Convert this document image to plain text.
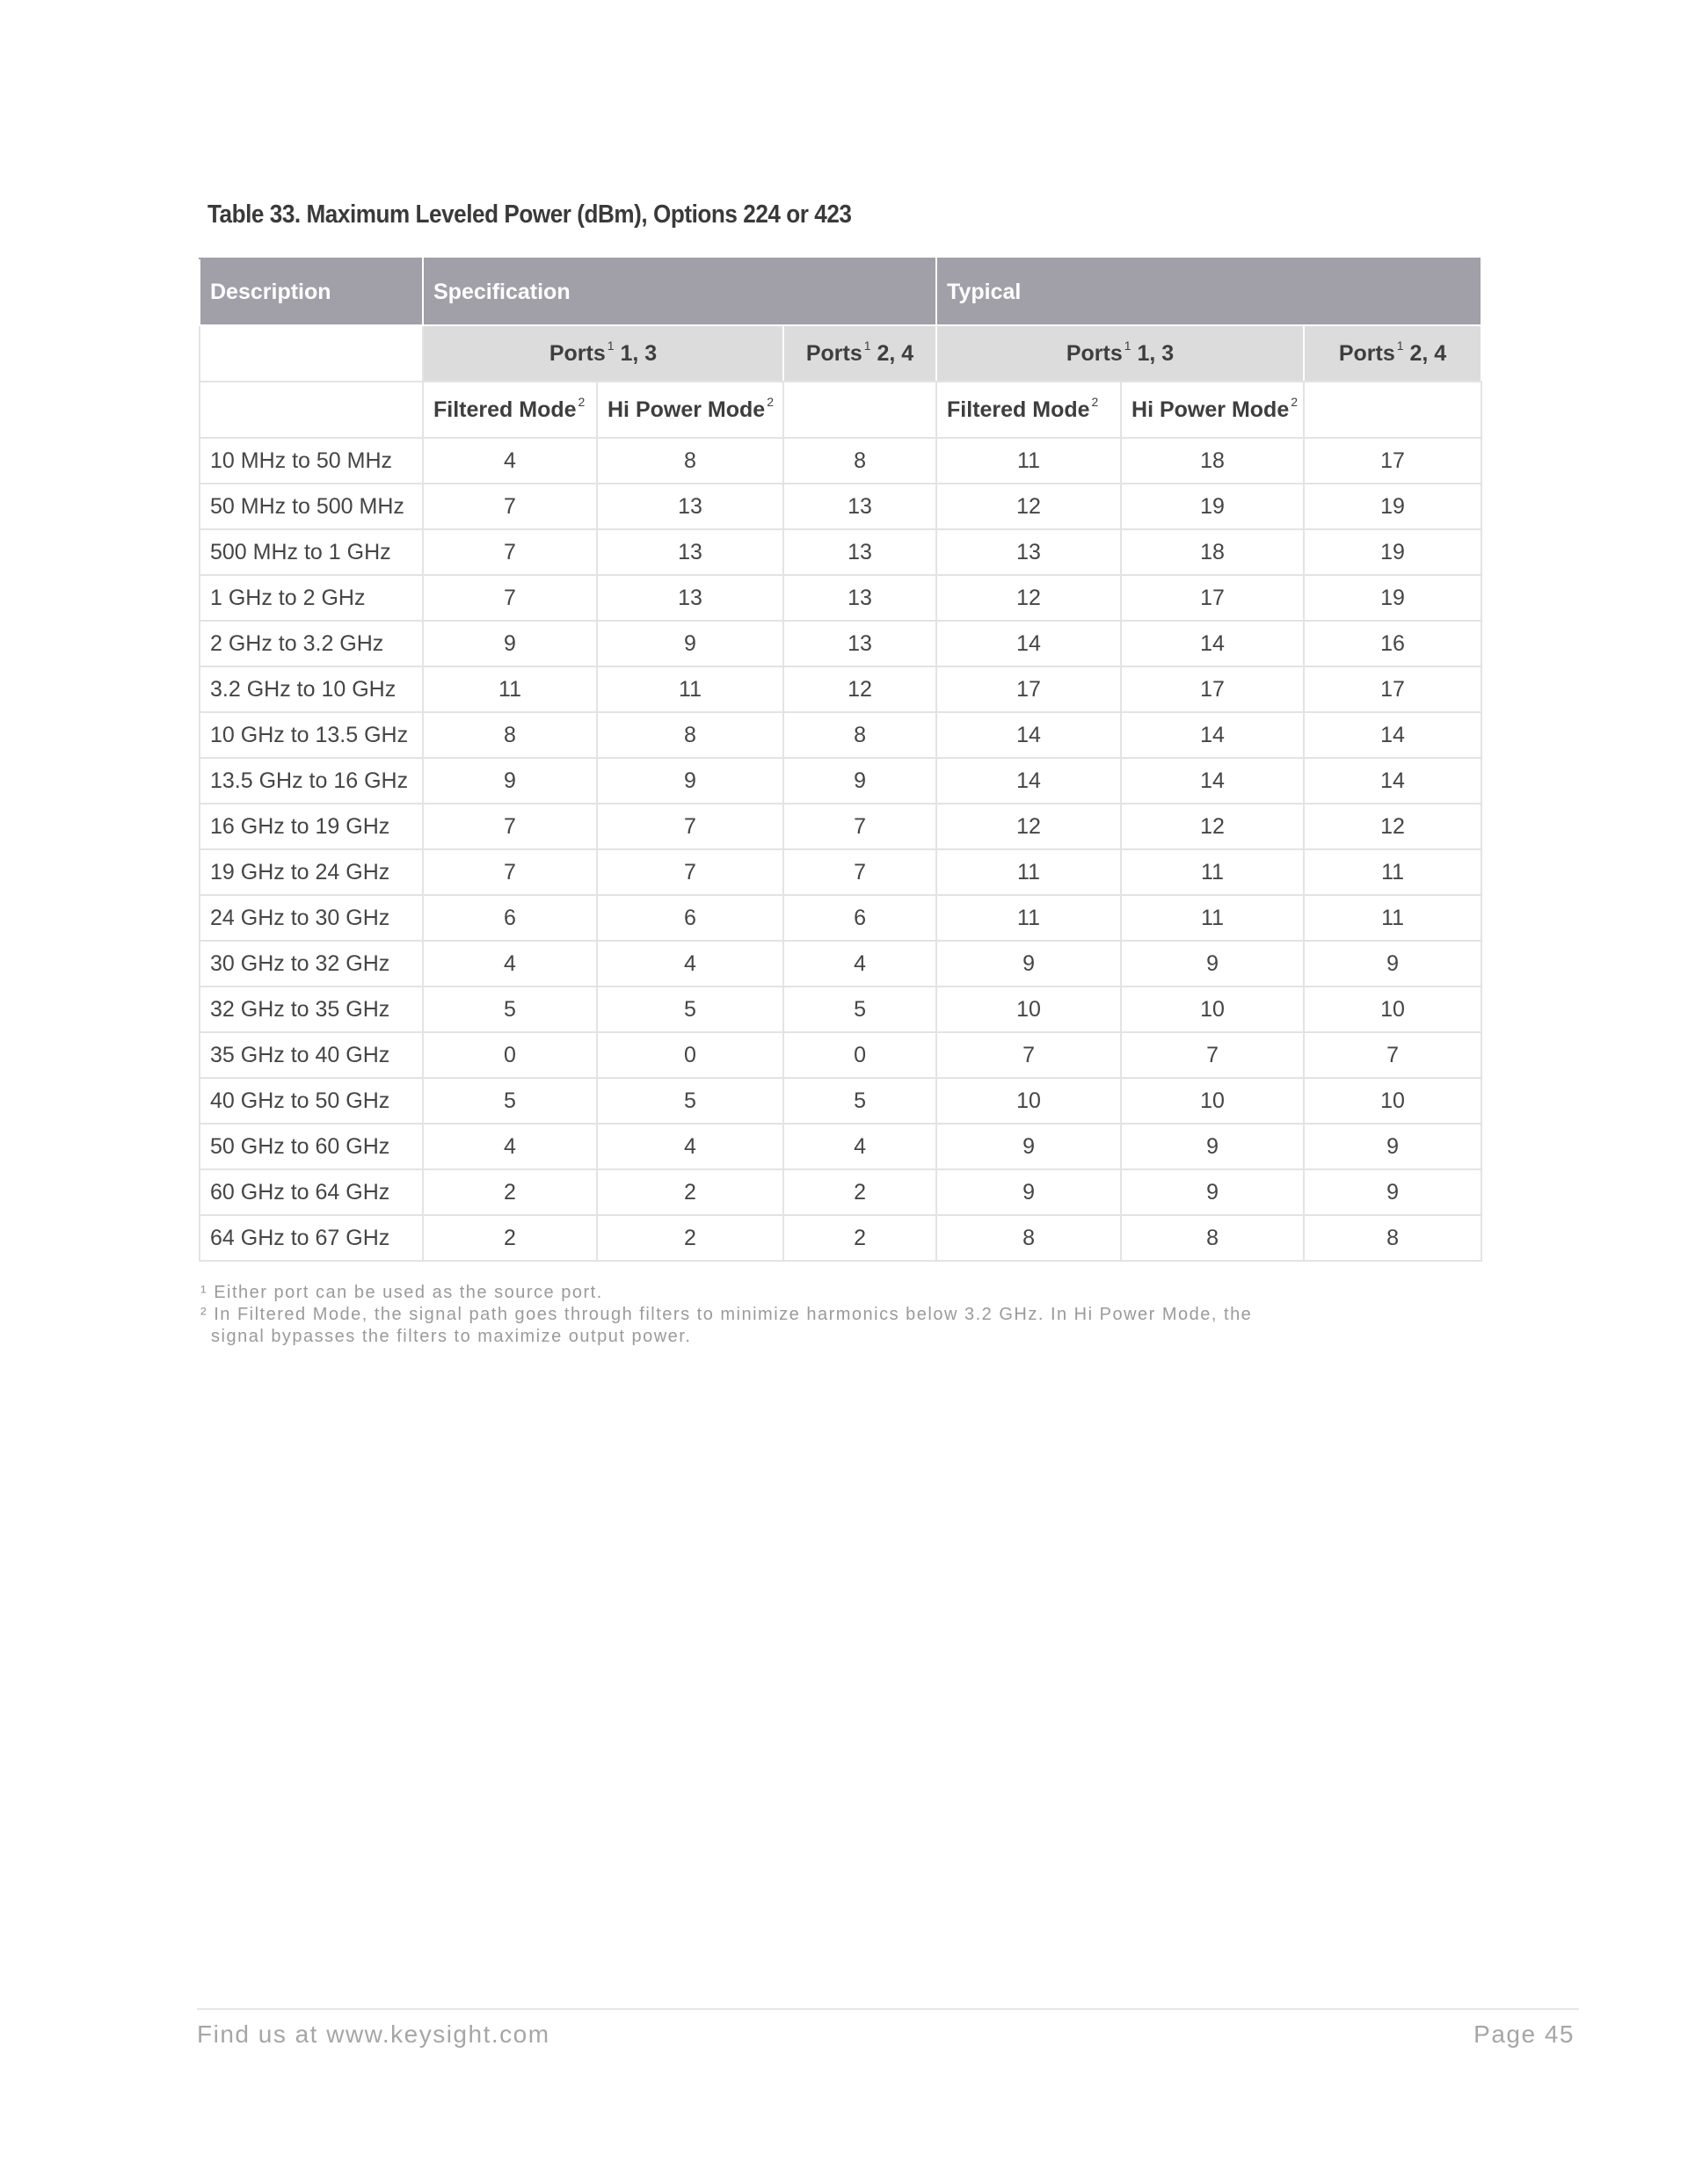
Table 33. Maximum Leveled Power (dBm), Options 224 or 423
Description	Specification			Typical		
	Ports $^1$ 1, 3		Ports $^1$ 2, 4	Ports $^1$ 1, 3		Ports $^1$ 2, 4
	Filtered Mode $^2$	Hi Power Mode $^2$		Filtered Mode $^2$	Hi Power Mode $^2$	
10 MHz to 50 MHz	4	8	8	11	18	17
50 MHz to 500 MHz	7	13	13	12	19	19
500 MHz to 1 GHz	7	13	13	13	18	19
1 GHz to 2 GHz	7	13	13	12	17	19
2 GHz to 3.2 GHz	9	9	13	14	14	16
3.2 GHz to 10 GHz	11	11	12	17	17	17
10 GHz to 13.5 GHz	8	8	8	14	14	14
13.5 GHz to 16 GHz	9	9	9	14	14	14
16 GHz to 19 GHz	7	7	7	12	12	12
19 GHz to 24 GHz	7	7	7	11	11	11
24 GHz to 30 GHz	6	6	6	11	11	11
30 GHz to 32 GHz	4	4	4	9	9	9
32 GHz to 35 GHz	5	5	5	10	10	10
35 GHz to 40 GHz	0	0	0	7	7	7
40 GHz to 50 GHz	5	5	5	10	10	10
50 GHz to 60 GHz	4	4	4	9	9	9
60 GHz to 64 GHz	2	2	2	9	9	9
64 GHz to 67 GHz	2	2	2	8	8	8
¹ Either port can be used as the source port.
² In Filtered Mode, the signal path goes through filters to minimize harmonics below 3.2 GHz. In Hi Power Mode, the
signal bypasses the filters to maximize output power.
Find us at www.keysight.com	Page 45
